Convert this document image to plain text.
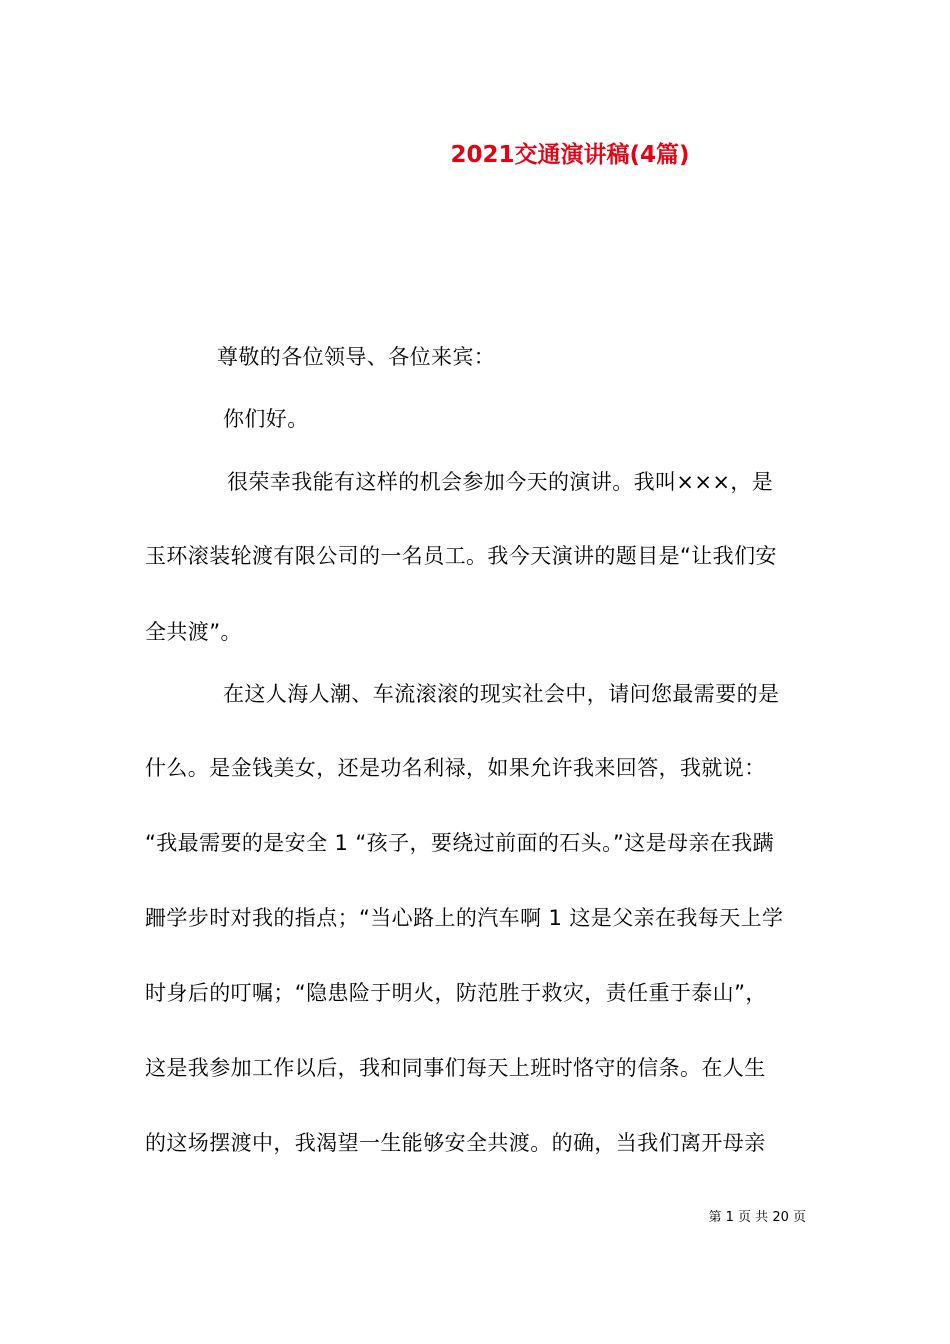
2021交通演讲稿(4篇)
尊敬的各位领导、各位来宾：
你们好。
很荣幸我能有这样的机会参加今天的演讲。我叫×××，是
玉环滚装轮渡有限公司的一名员工。我今天演讲的题目是“让我们安
全共渡”。
在这人海人潮、车流滚滚的现实社会中，请问您最需要的是
什么。是金钱美女，还是功名利禄，如果允许我来回答，我就说：
“我最需要的是安全 1 “孩子，要绕过前面的石头。”这是母亲在我蹒
跚学步时对我的指点；“当心路上的汽车啊 1 这是父亲在我每天上学
时身后的叮嘱；“隐患险于明火，防范胜于救灾，责任重于泰山”，
这是我参加工作以后，我和同事们每天上班时恪守的信条。在人生
的这场摆渡中，我渴望一生能够安全共渡。的确，当我们离开母亲
第 1 页 共 20 页
